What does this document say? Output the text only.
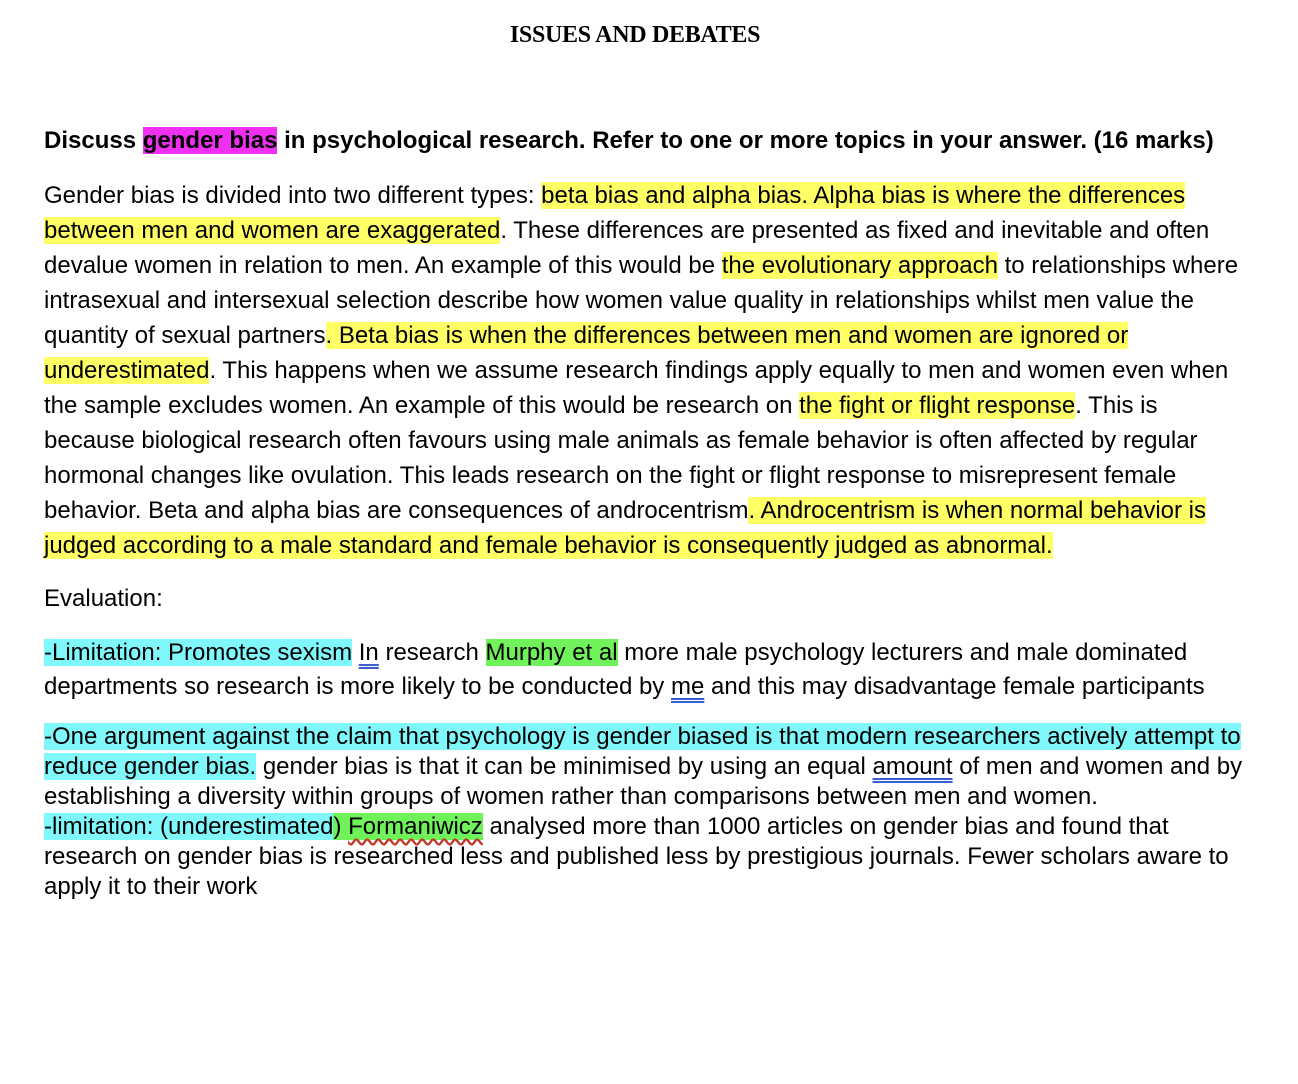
ISSUES AND DEBATES

Discuss gender bias in psychological research. Refer to one or more topics in your answer. (16 marks)

Gender bias is divided into two different types: beta bias and alpha bias. Alpha bias is where the differences between men and women are exaggerated. These differences are presented as fixed and inevitable and often devalue women in relation to men. An example of this would be the evolutionary approach to relationships where intrasexual and intersexual selection describe how women value quality in relationships whilst men value the quantity of sexual partners. Beta bias is when the differences between men and women are ignored or underestimated. This happens when we assume research findings apply equally to men and women even when the sample excludes women. An example of this would be research on the fight or flight response. This is because biological research often favours using male animals as female behavior is often affected by regular hormonal changes like ovulation. This leads research on the fight or flight response to misrepresent female behavior. Beta and alpha bias are consequences of androcentrism. Androcentrism is when normal behavior is judged according to a male standard and female behavior is consequently judged as abnormal.

Evaluation:

-Limitation: Promotes sexism In research Murphy et al more male psychology lecturers and male dominated departments so research is more likely to be conducted by me and this may disadvantage female participants

-One argument against the claim that psychology is gender biased is that modern researchers actively attempt to reduce gender bias. gender bias is that it can be minimised by using an equal amount of men and women and by establishing a diversity within groups of women rather than comparisons between men and women.

-limitation: (underestimated) Formaniwicz analysed more than 1000 articles on gender bias and found that research on gender bias is researched less and published less by prestigious journals. Fewer scholars aware to apply it to their work
